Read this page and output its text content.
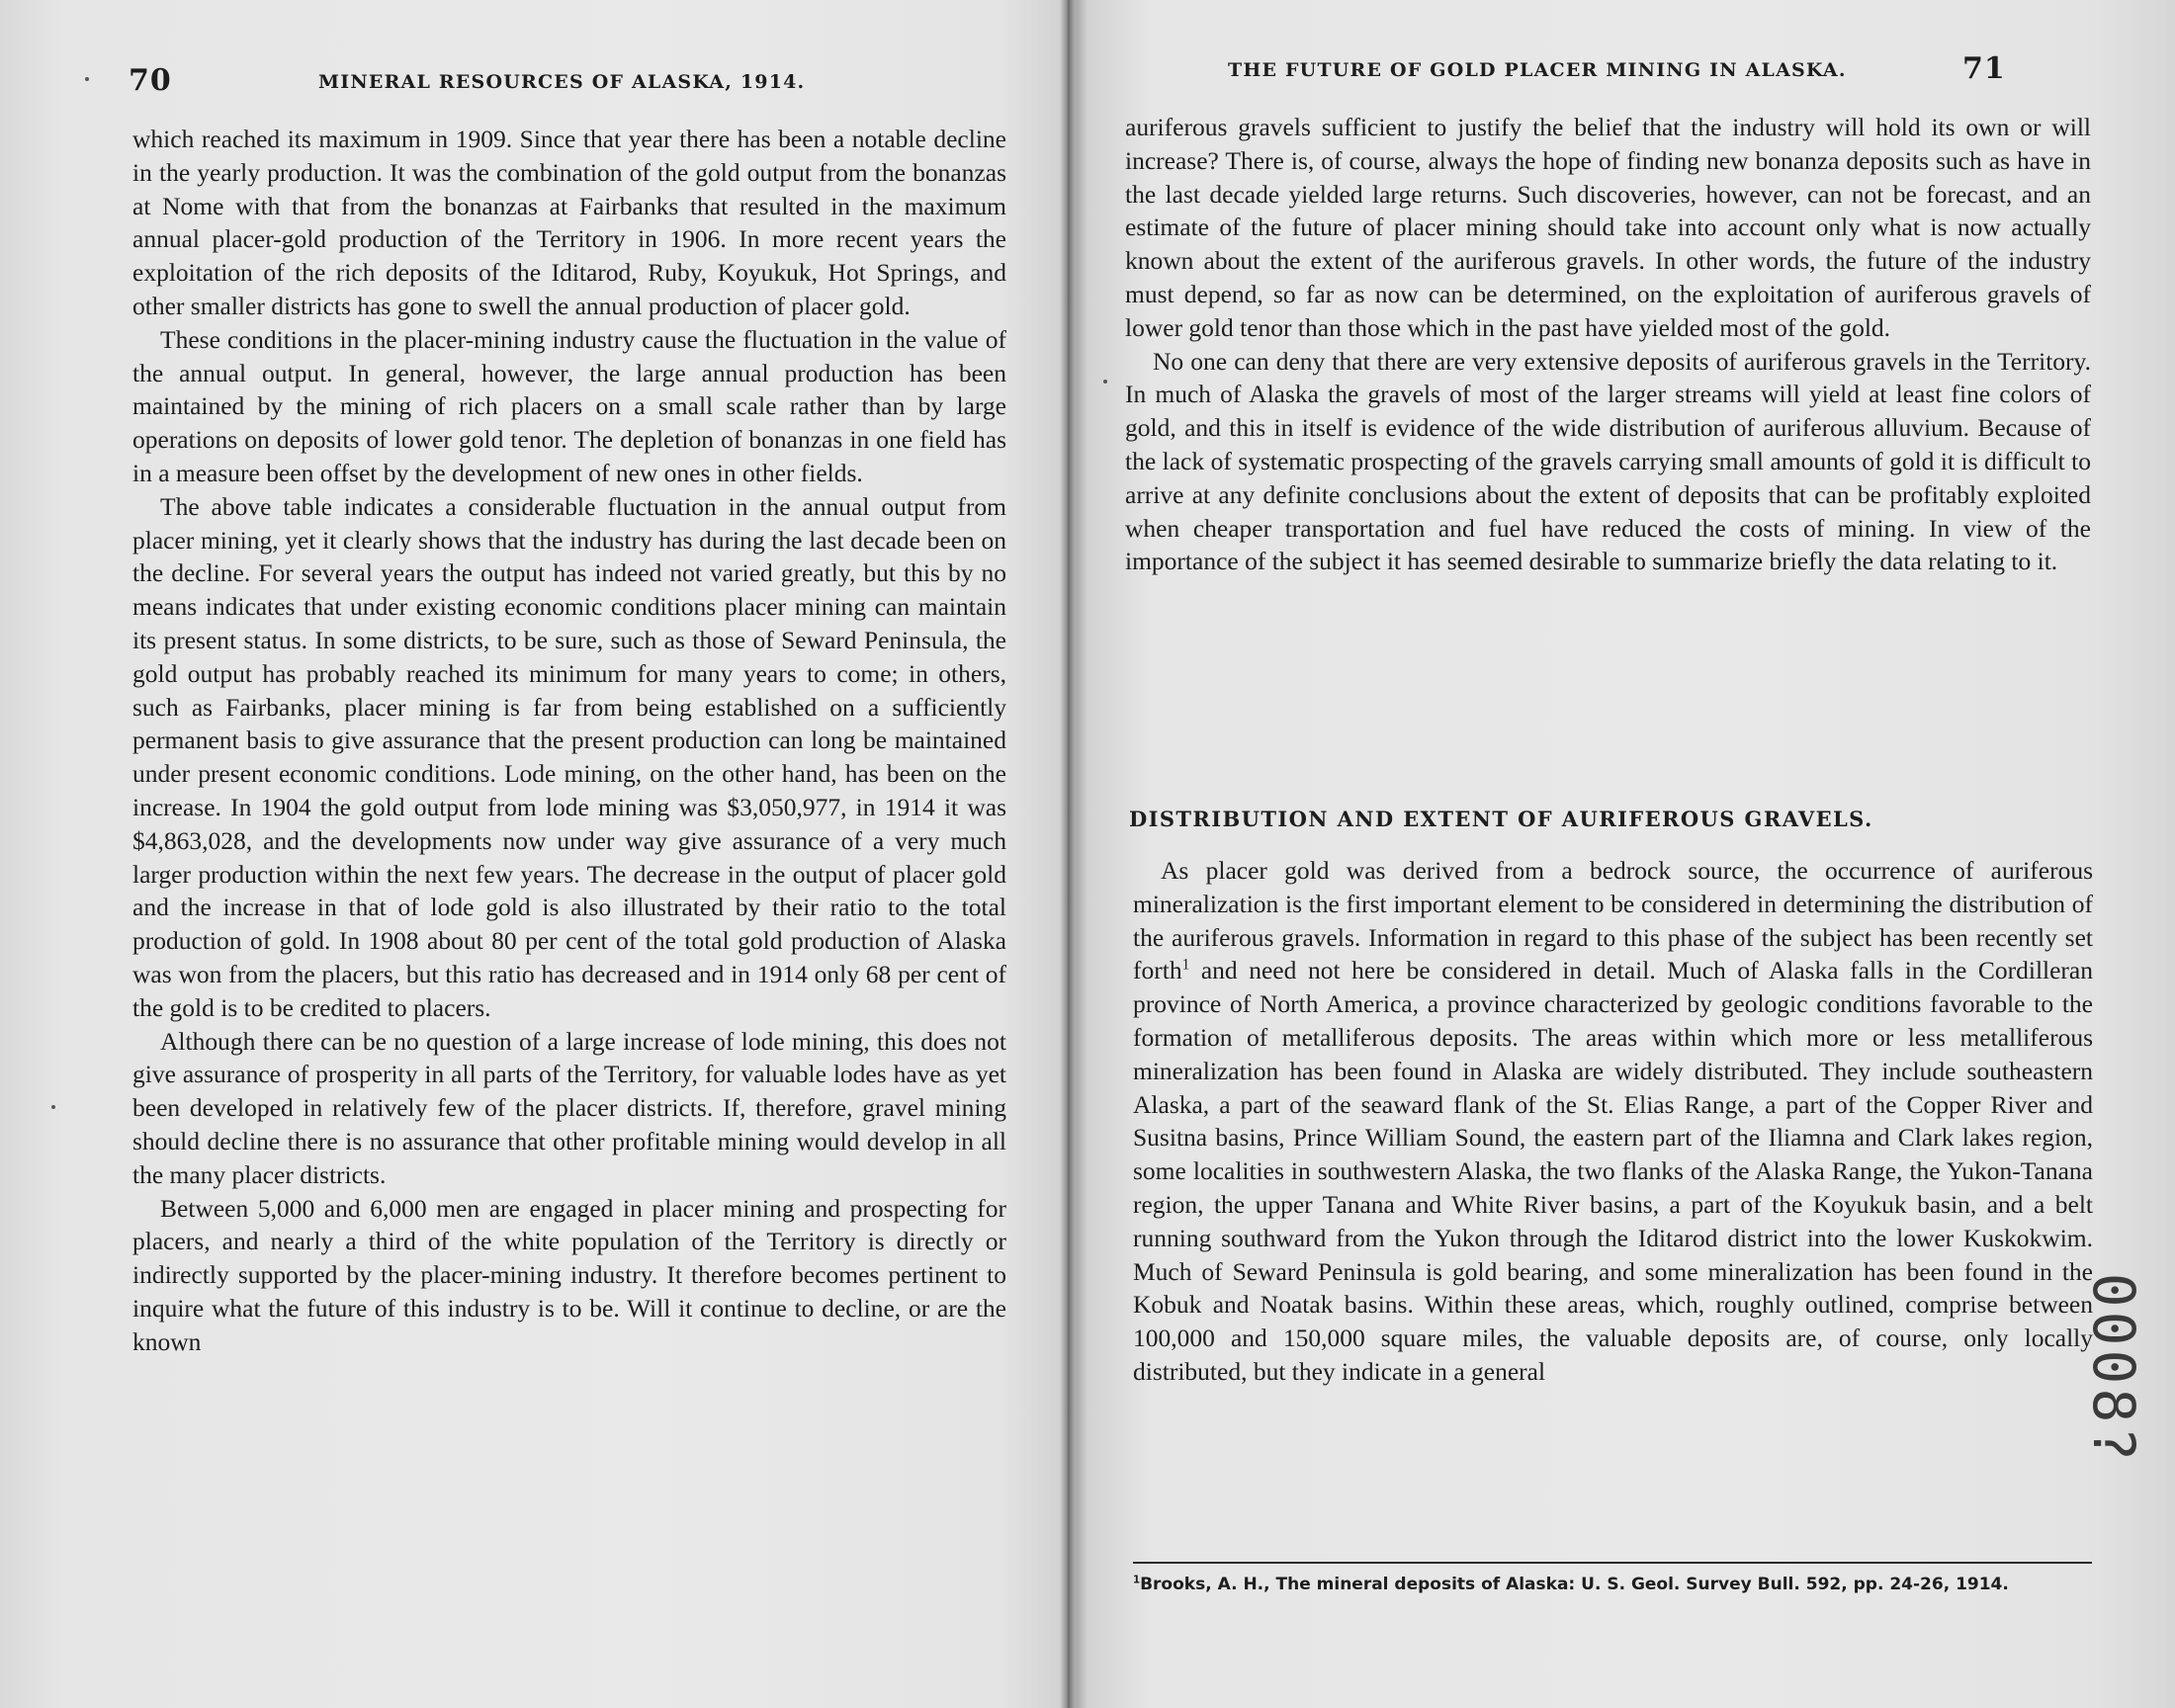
70	MINERAL RESOURCES OF ALASKA, 1914.

which reached its maximum in 1909. Since that year there has been a notable decline in the yearly production. It was the combination of the gold output from the bonanzas at Nome with that from the bonanzas at Fairbanks that resulted in the maximum annual placer-gold production of the Territory in 1906. In more recent years the exploitation of the rich deposits of the Iditarod, Ruby, Koyukuk, Hot Springs, and other smaller districts has gone to swell the annual production of placer gold.

These conditions in the placer-mining industry cause the fluctuation in the value of the annual output. In general, however, the large annual production has been maintained by the mining of rich placers on a small scale rather than by large operations on deposits of lower gold tenor. The depletion of bonanzas in one field has in a measure been offset by the development of new ones in other fields.

The above table indicates a considerable fluctuation in the annual output from placer mining, yet it clearly shows that the industry has during the last decade been on the decline. For several years the output has indeed not varied greatly, but this by no means indicates that under existing economic conditions placer mining can maintain its present status. In some districts, to be sure, such as those of Seward Peninsula, the gold output has probably reached its minimum for many years to come; in others, such as Fairbanks, placer mining is far from being established on a sufficiently permanent basis to give assurance that the present production can long be maintained under present economic conditions. Lode mining, on the other hand, has been on the increase. In 1904 the gold output from lode mining was $3,050,977, in 1914 it was $4,863,028, and the developments now under way give assurance of a very much larger production within the next few years. The decrease in the output of placer gold and the increase in that of lode gold is also illustrated by their ratio to the total production of gold. In 1908 about 80 per cent of the total gold production of Alaska was won from the placers, but this ratio has decreased and in 1914 only 68 per cent of the gold is to be credited to placers.

Although there can be no question of a large increase of lode mining, this does not give assurance of prosperity in all parts of the Territory, for valuable lodes have as yet been developed in relatively few of the placer districts. If, therefore, gravel mining should decline there is no assurance that other profitable mining would develop in all the many placer districts.

Between 5,000 and 6,000 men are engaged in placer mining and prospecting for placers, and nearly a third of the white population of the Territory is directly or indirectly supported by the placer-mining industry. It therefore becomes pertinent to inquire what the future of this industry is to be. Will it continue to decline, or are the known

THE FUTURE OF GOLD PLACER MINING IN ALASKA.	71

auriferous gravels sufficient to justify the belief that the industry will hold its own or will increase? There is, of course, always the hope of finding new bonanza deposits such as have in the last decade yielded large returns. Such discoveries, however, can not be forecast, and an estimate of the future of placer mining should take into account only what is now actually known about the extent of the auriferous gravels. In other words, the future of the industry must depend, so far as now can be determined, on the exploitation of auriferous gravels of lower gold tenor than those which in the past have yielded most of the gold.

No one can deny that there are very extensive deposits of auriferous gravels in the Territory. In much of Alaska the gravels of most of the larger streams will yield at least fine colors of gold, and this in itself is evidence of the wide distribution of auriferous alluvium. Because of the lack of systematic prospecting of the gravels carrying small amounts of gold it is difficult to arrive at any definite conclusions about the extent of deposits that can be profitably exploited when cheaper transportation and fuel have reduced the costs of mining. In view of the importance of the subject it has seemed desirable to summarize briefly the data relating to it.

DISTRIBUTION AND EXTENT OF AURIFEROUS GRAVELS.

As placer gold was derived from a bedrock source, the occurrence of auriferous mineralization is the first important element to be considered in determining the distribution of the auriferous gravels. Information in regard to this phase of the subject has been recently set forth$^1$ and need not here be considered in detail. Much of Alaska falls in the Cordilleran province of North America, a province characterized by geologic conditions favorable to the formation of metalliferous deposits. The areas within which more or less metalliferous mineralization has been found in Alaska are widely distributed. They include southeastern Alaska, a part of the seaward flank of the St. Elias Range, a part of the Copper River and Susitna basins, Prince William Sound, the eastern part of the Iliamna and Clark lakes region, some localities in southwestern Alaska, the two flanks of the Alaska Range, the Yukon-Tanana region, the upper Tanana and White River basins, a part of the Koyukuk basin, and a belt running southward from the Yukon through the Iditarod district into the lower Kuskokwim. Much of Seward Peninsula is gold bearing, and some mineralization has been found in the Kobuk and Noatak basins. Within these areas, which, roughly outlined, comprise between 100,000 and 150,000 square miles, the valuable deposits are, of course, only locally distributed, but they indicate in a general

$^1$Brooks, A. H., The mineral deposits of Alaska: U. S. Geol. Survey Bull. 592, pp. 24-26, 1914.
0008?
